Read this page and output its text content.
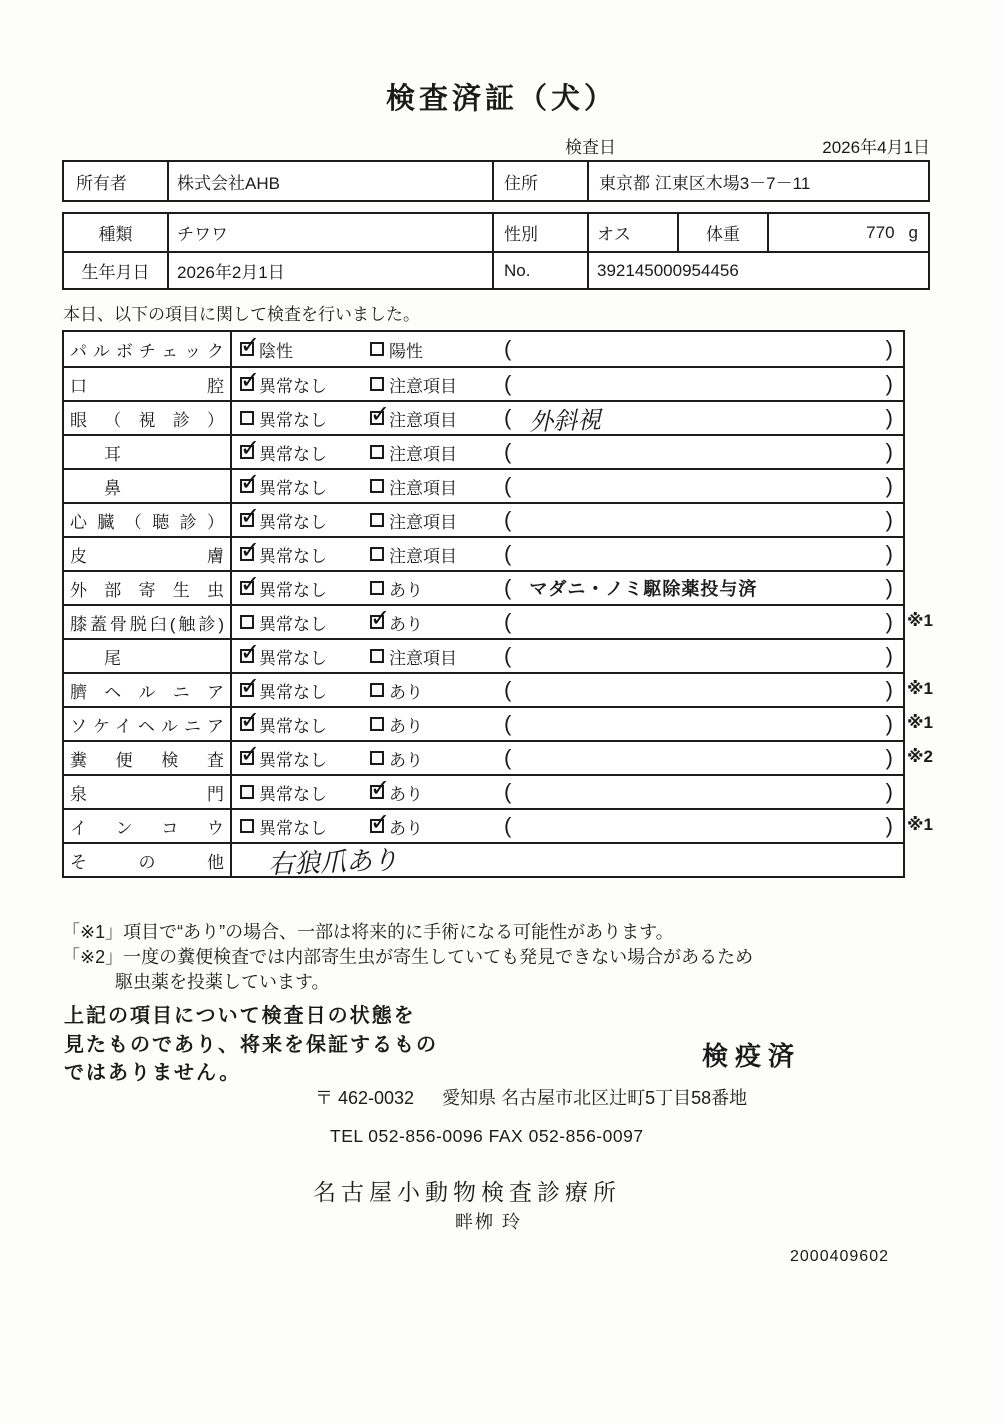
検査済証（犬）
検査日	2026年4月1日
所有者	株式会社AHB	住所	東京都 江東区木場3－7－11
種類	チワワ	性別	オス	体重	770 g
生年月日	2026年2月1日	No.	392145000954456
本日、以下の項目に関して検査を行いました。
パルボチェック ✓ 陰性	陽性	(	)
口腔 ✓ 異常なし	注意項目 (	)
眼（視診） 異常なし ✓	注意項目 ( 外斜視	)
　　耳 ✓	異常なし	注意項目 (	)
　　鼻 ✓	異常なし	注意項目 (	)
心臓（聴診） ✓ 異常なし	注意項目 (	)
皮膚 ✓ 異常なし	注意項目 (	)
外部寄生虫 ✓ 異常なし	あり	( マダニ・ノミ駆除薬投与済	)
膝蓋骨脱臼(触診) 異常なし ✓	あり	(	) ※1
　　尾 ✓	異常なし	注意項目 (	)
臍ヘルニア ✓ 異常なし	あり	(	) ※1
ソケイヘルニア ✓ 異常なし	あり	(	) ※1
糞便検査 ✓ 異常なし	あり	(	) ※2
泉門 異常なし ✓	あり	(	)
インコウ 異常なし ✓	あり	(	) ※1
その他 右狼爪あり
「※1」項目で“あり”の場合、一部は将来的に手術になる可能性があります。
「※2」一度の糞便検査では内部寄生虫が寄生していても発見できない場合があるため
駆虫薬を投薬しています。
上記の項目について検査日の状態を
見たものであり、将来を保証するもの
ではありません。
検疫済
〒 462-0032 愛知県 名古屋市北区辻町5丁目58番地
TEL 052-856-0096 FAX 052-856-0097
名古屋小動物検査診療所
畔栁 玲
2000409602
